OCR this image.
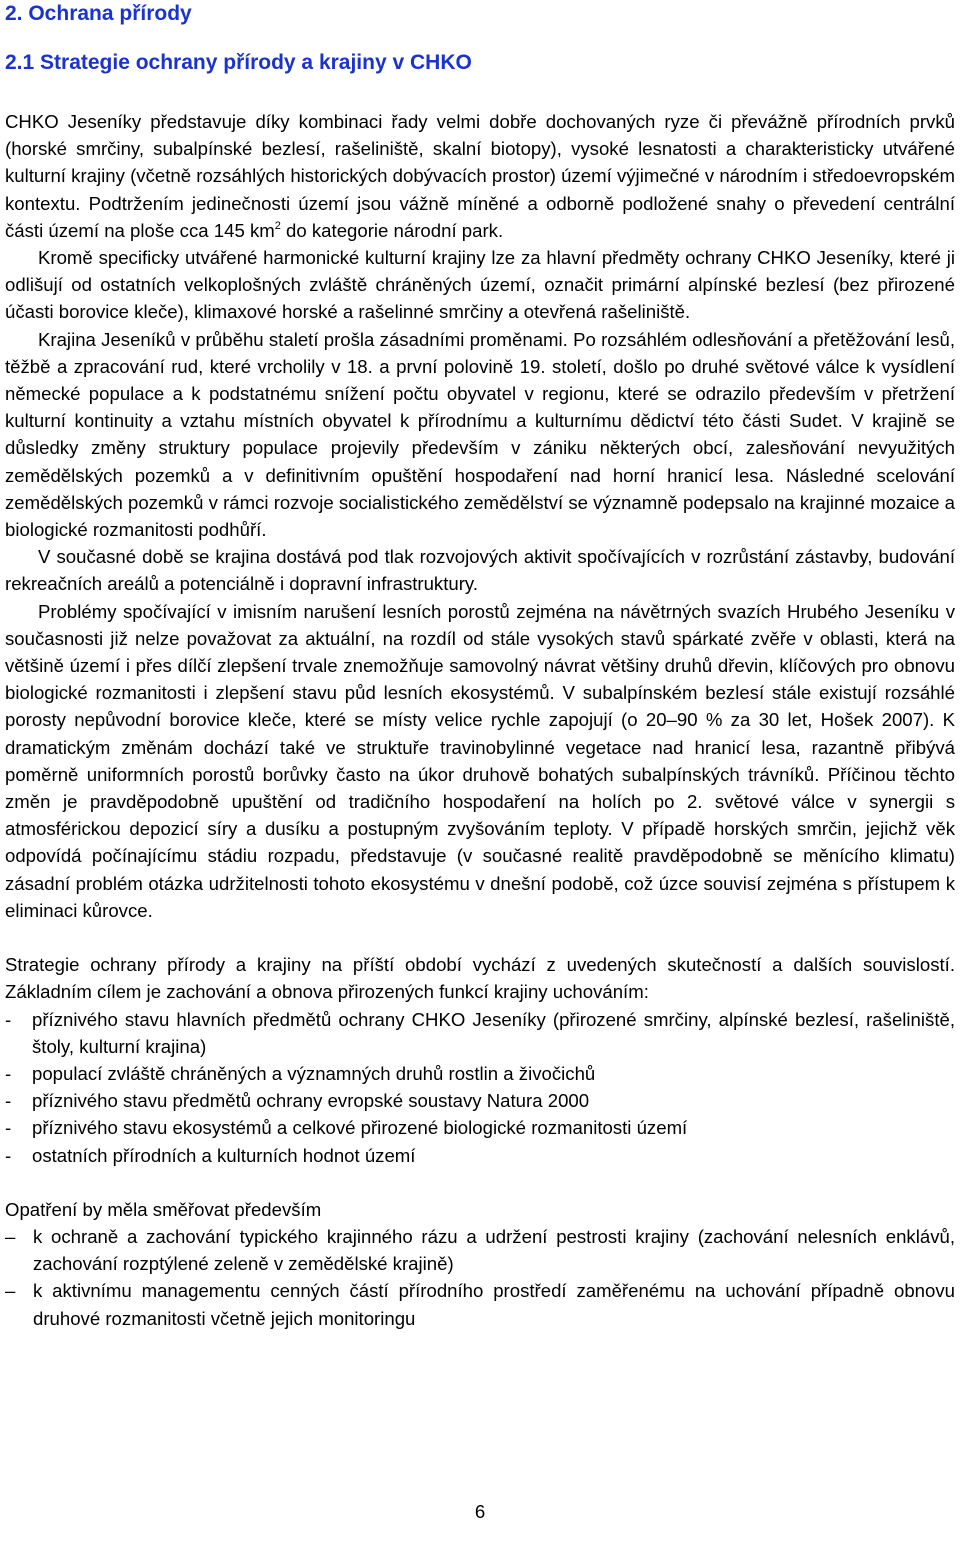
2. Ochrana přírody
2.1 Strategie ochrany přírody a krajiny v CHKO

CHKO Jeseníky představuje díky kombinaci řady velmi dobře dochovaných ryze či převážně přírodních prvků (horské smrčiny, subalpínské bezlesí, rašeliniště, skalní biotopy), vysoké lesnatosti a charakteristicky utvářené kulturní krajiny (včetně rozsáhlých historických dobývacích prostor) území výjimečné v národním i středoevropském kontextu. Podtržením jedinečnosti území jsou vážně míněné a odborně podložené snahy o převedení centrální části území na ploše cca 145 $km^2$ do kategorie národní park.

Kromě specificky utvářené harmonické kulturní krajiny lze za hlavní předměty ochrany CHKO Jeseníky, které ji odlišují od ostatních velkoplošných zvláště chráněných území, označit primární alpínské bezlesí (bez přirozené účasti borovice kleče), klimaxové horské a rašelinné smrčiny a otevřená rašeliniště.

Krajina Jeseníků v průběhu staletí prošla zásadními proměnami. Po rozsáhlém odlesňování a přetěžování lesů, těžbě a zpracování rud, které vrcholily v 18. a první polovině 19. století, došlo po druhé světové válce k vysídlení německé populace a k podstatnému snížení počtu obyvatel v regionu, které se odrazilo především v přetržení kulturní kontinuity a vztahu místních obyvatel k přírodnímu a kulturnímu dědictví této části Sudet. V krajině se důsledky změny struktury populace projevily především v zániku některých obcí, zalesňování nevyužitých zemědělských pozemků a v definitivním opuštění hospodaření nad horní hranicí lesa. Následné scelování zemědělských pozemků v rámci rozvoje socialistického zemědělství se významně podepsalo na krajinné mozaice a biologické rozmanitosti podhůří.

V současné době se krajina dostává pod tlak rozvojových aktivit spočívajících v rozrůstání zástavby, budování rekreačních areálů a potenciálně i dopravní infrastruktury.

Problémy spočívající v imisním narušení lesních porostů zejména na návětrných svazích Hrubého Jeseníku v současnosti již nelze považovat za aktuální, na rozdíl od stále vysokých stavů spárkaté zvěře v oblasti, která na většině území i přes dílčí zlepšení trvale znemožňuje samovolný návrat většiny druhů dřevin, klíčových pro obnovu biologické rozmanitosti i zlepšení stavu půd lesních ekosystémů. V subalpínském bezlesí stále existují rozsáhlé porosty nepůvodní borovice kleče, které se místy velice rychle zapojují (o 20–90 % za 30 let, Hošek 2007). K dramatickým změnám dochází také ve struktuře travinobylinné vegetace nad hranicí lesa, razantně přibývá poměrně uniformních porostů borůvky často na úkor druhově bohatých subalpínských trávníků. Příčinou těchto změn je pravděpodobně upuštění od tradičního hospodaření na holích po 2. světové válce v synergii s atmosférickou depozicí síry a dusíku a postupným zvyšováním teploty. V případě horských smrčin, jejichž věk odpovídá počínajícímu stádiu rozpadu, představuje (v současné realitě pravděpodobně se měnícího klimatu) zásadní problém otázka udržitelnosti tohoto ekosystému v dnešní podobě, což úzce souvisí zejména s přístupem k eliminaci kůrovce.

Strategie ochrany přírody a krajiny na příští období vychází z uvedených skutečností a dalších souvislostí. Základním cílem je zachování a obnova přirozených funkcí krajiny uchováním:

- příznivého stavu hlavních předmětů ochrany CHKO Jeseníky (přirozené smrčiny, alpínské bezlesí, rašeliniště, štoly, kulturní krajina)
- populací zvláště chráněných a významných druhů rostlin a živočichů
- příznivého stavu předmětů ochrany evropské soustavy Natura 2000
- příznivého stavu ekosystémů a celkové přirozené biologické rozmanitosti území
- ostatních přírodních a kulturních hodnot území

Opatření by měla směřovat především

– k ochraně a zachování typického krajinného rázu a udržení pestrosti krajiny (zachování nelesních enklávů, zachování rozptýlené zeleně v zemědělské krajině)
– k aktivnímu managementu cenných částí přírodního prostředí zaměřenému na uchování případně obnovu druhové rozmanitosti včetně jejich monitoringu
6
